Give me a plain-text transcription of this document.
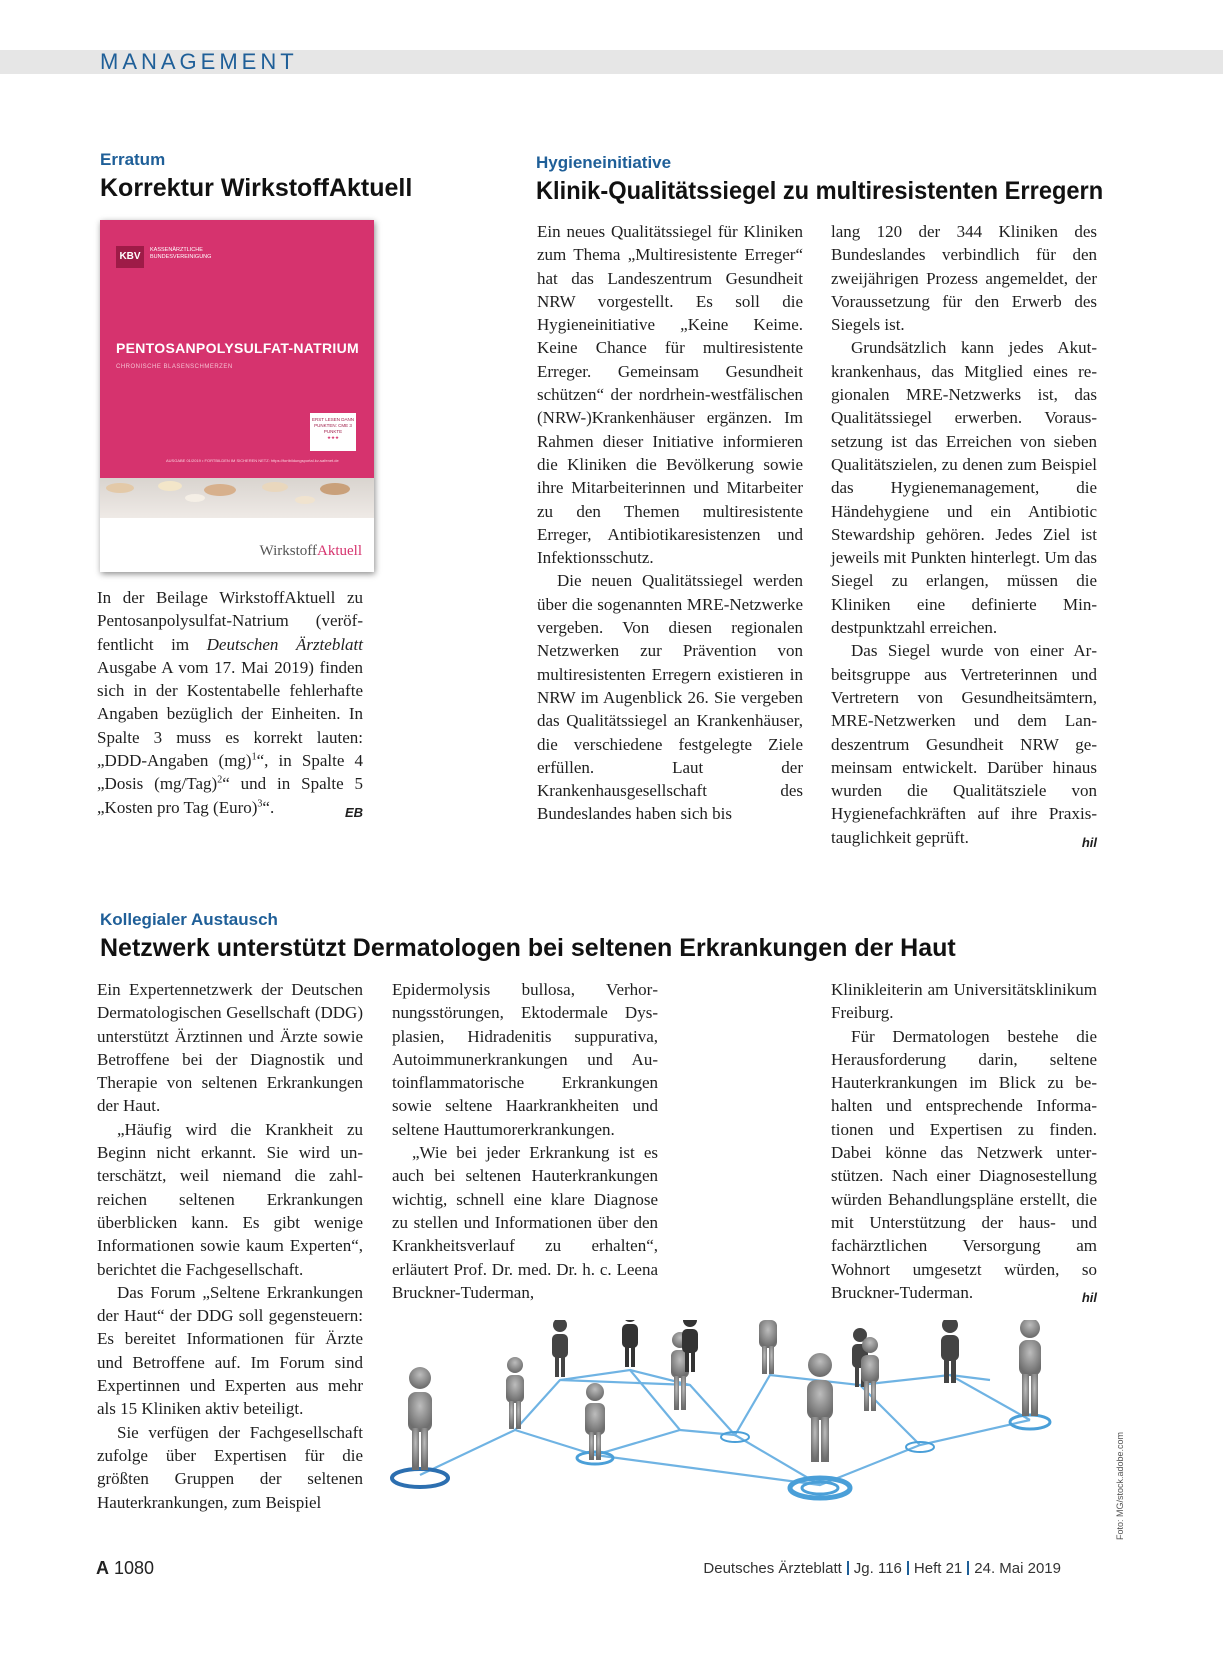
MANAGEMENT
Erratum
Korrektur WirkstoffAktuell
KBV
KASSENÄRZTLICHE BUNDESVEREINIGUNG
PENTOSANPOLYSULFAT-NATRIUM
CHRONISCHE BLASENSCHMERZEN
ERST LESEN DANN PUNKTEN: CME 3 PUNKTE
★★★
AUSGABE 01/2019 • FORTBILDEN IM SICHEREN NETZ: https://fortbildungsportal.kv-safenet.de
WirkstoffAktuell

In der Beilage WirkstoffAktuell zu Pentosanpolysulfat-Natrium (veröffentlicht im Deutschen Ärzteblatt Ausgabe A vom 17. Mai 2019) finden sich in der Kostentabelle fehlerhafte Angaben bezüglich der Einheiten. In Spalte 3 muss es korrekt lauten: „DDD-Angaben (mg)$^1$“, in Spalte 4 „Dosis $(mg/Tag)^2“$ und in Spalte 5 „Kosten pro Tag (Euro)$^3$“.	EB

Hygieneinitiative
Klinik-Qualitätssiegel zu multiresistenten Erregern

Ein neues Qualitätssiegel für Kliniken zum Thema „Multiresistente Erreger“ hat das Landeszentrum Gesundheit NRW vorgestellt. Es soll die Hygieneinitiative „Keine Keime. Keine Chance für multiresistente Erreger. Gemeinsam Gesundheit schützen“ der nordrhein-westfälischen (NRW-)Krankenhäuser ergänzen. Im Rahmen dieser Initiative informieren die Kliniken die Bevölkerung sowie ihre Mitarbeiterinnen und Mitarbeiter zu den Themen multiresistente Erreger, Antibiotikaresistenzen und Infektionsschutz.

Die neuen Qualitätssiegel werden über die sogenannten MRE-Netzwerke vergeben. Von diesen regionalen Netzwerken zur Prävention von multiresistenten Erregern existieren in NRW im Augenblick 26. Sie vergeben das Qualitätssiegel an Krankenhäuser, die verschiedene festgelegte Ziele erfüllen. Laut der Krankenhausgesellschaft des Bundeslandes haben sich bis

lang 120 der 344 Kliniken des Bundeslandes verbindlich für den zweijährigen Prozess angemeldet, der Voraussetzung für den Erwerb des Siegels ist.

Grundsätzlich kann jedes Akutkrankenhaus, das Mitglied eines regionalen MRE-Netzwerks ist, das Qualitätssiegel erwerben. Voraussetzung ist das Erreichen von sieben Qualitätszielen, zu denen zum Beispiel das Hygienemanagement, die Händehygiene und ein Antibiotic Stewardship gehören. Jedes Ziel ist jeweils mit Punkten hinterlegt. Um das Siegel zu erlangen, müssen die Kliniken eine definierte Mindestpunktzahl erreichen.

Das Siegel wurde von einer Arbeitsgruppe aus Vertreterinnen und Vertretern von Gesundheitsämtern, MRE-Netzwerken und dem Landeszentrum Gesundheit NRW gemeinsam entwickelt. Darüber hinaus wurden die Qualitätsziele von Hygienefachkräften auf ihre Praxistauglichkeit geprüft.	hil

Kollegialer Austausch
Netzwerk unterstützt Dermatologen bei seltenen Erkrankungen der Haut

Ein Expertennetzwerk der Deutschen Dermatologischen Gesellschaft (DDG) unterstützt Ärztinnen und Ärzte sowie Betroffene bei der Diagnostik und Therapie von seltenen Erkrankungen der Haut.

„Häufig wird die Krankheit zu Beginn nicht erkannt. Sie wird unterschätzt, weil niemand die zahlreichen seltenen Erkrankungen überblicken kann. Es gibt wenige Informationen sowie kaum Experten“, berichtet die Fachgesellschaft.

Das Forum „Seltene Erkrankungen der Haut“ der DDG soll gegensteuern: Es bereitet Informationen für Ärzte und Betroffene auf. Im Forum sind Expertinnen und Experten aus mehr als 15 Kliniken aktiv beteiligt.

Sie verfügen der Fachgesellschaft zufolge über Expertisen für die größten Gruppen der seltenen Hauterkrankungen, zum Beispiel

Epidermolysis bullosa, Verhornungsstörungen, Ektodermale Dysplasien, Hidradenitis suppurativa, Autoimmunerkrankungen und Autoinflammatorische Erkrankungen sowie seltene Haarkrankheiten und seltene Hauttumorerkrankungen.

„Wie bei jeder Erkrankung ist es auch bei seltenen Hauterkrankungen wichtig, schnell eine klare Diagnose zu stellen und Informationen über den Krankheitsverlauf zu erhalten“, erläutert Prof. Dr. med. Dr. h. c. Leena Bruckner-Tuderman,

Klinikleiterin am Universitätsklinikum Freiburg.

Für Dermatologen bestehe die Herausforderung darin, seltene Hauterkrankungen im Blick zu behalten und entsprechende Informationen und Expertisen zu finden. Dabei könne das Netzwerk unterstützen. Nach einer Diagnosestellung würden Behandlungspläne erstellt, die mit Unterstützung der haus- und fachärztlichen Versorgung am Wohnort umgesetzt würden, so Bruckner-Tuderman.	hil

Foto: MG/stock.adobe.com
A 1080	Deutsches Ärzteblatt Jg. 116 Heft 21 24. Mai 2019
